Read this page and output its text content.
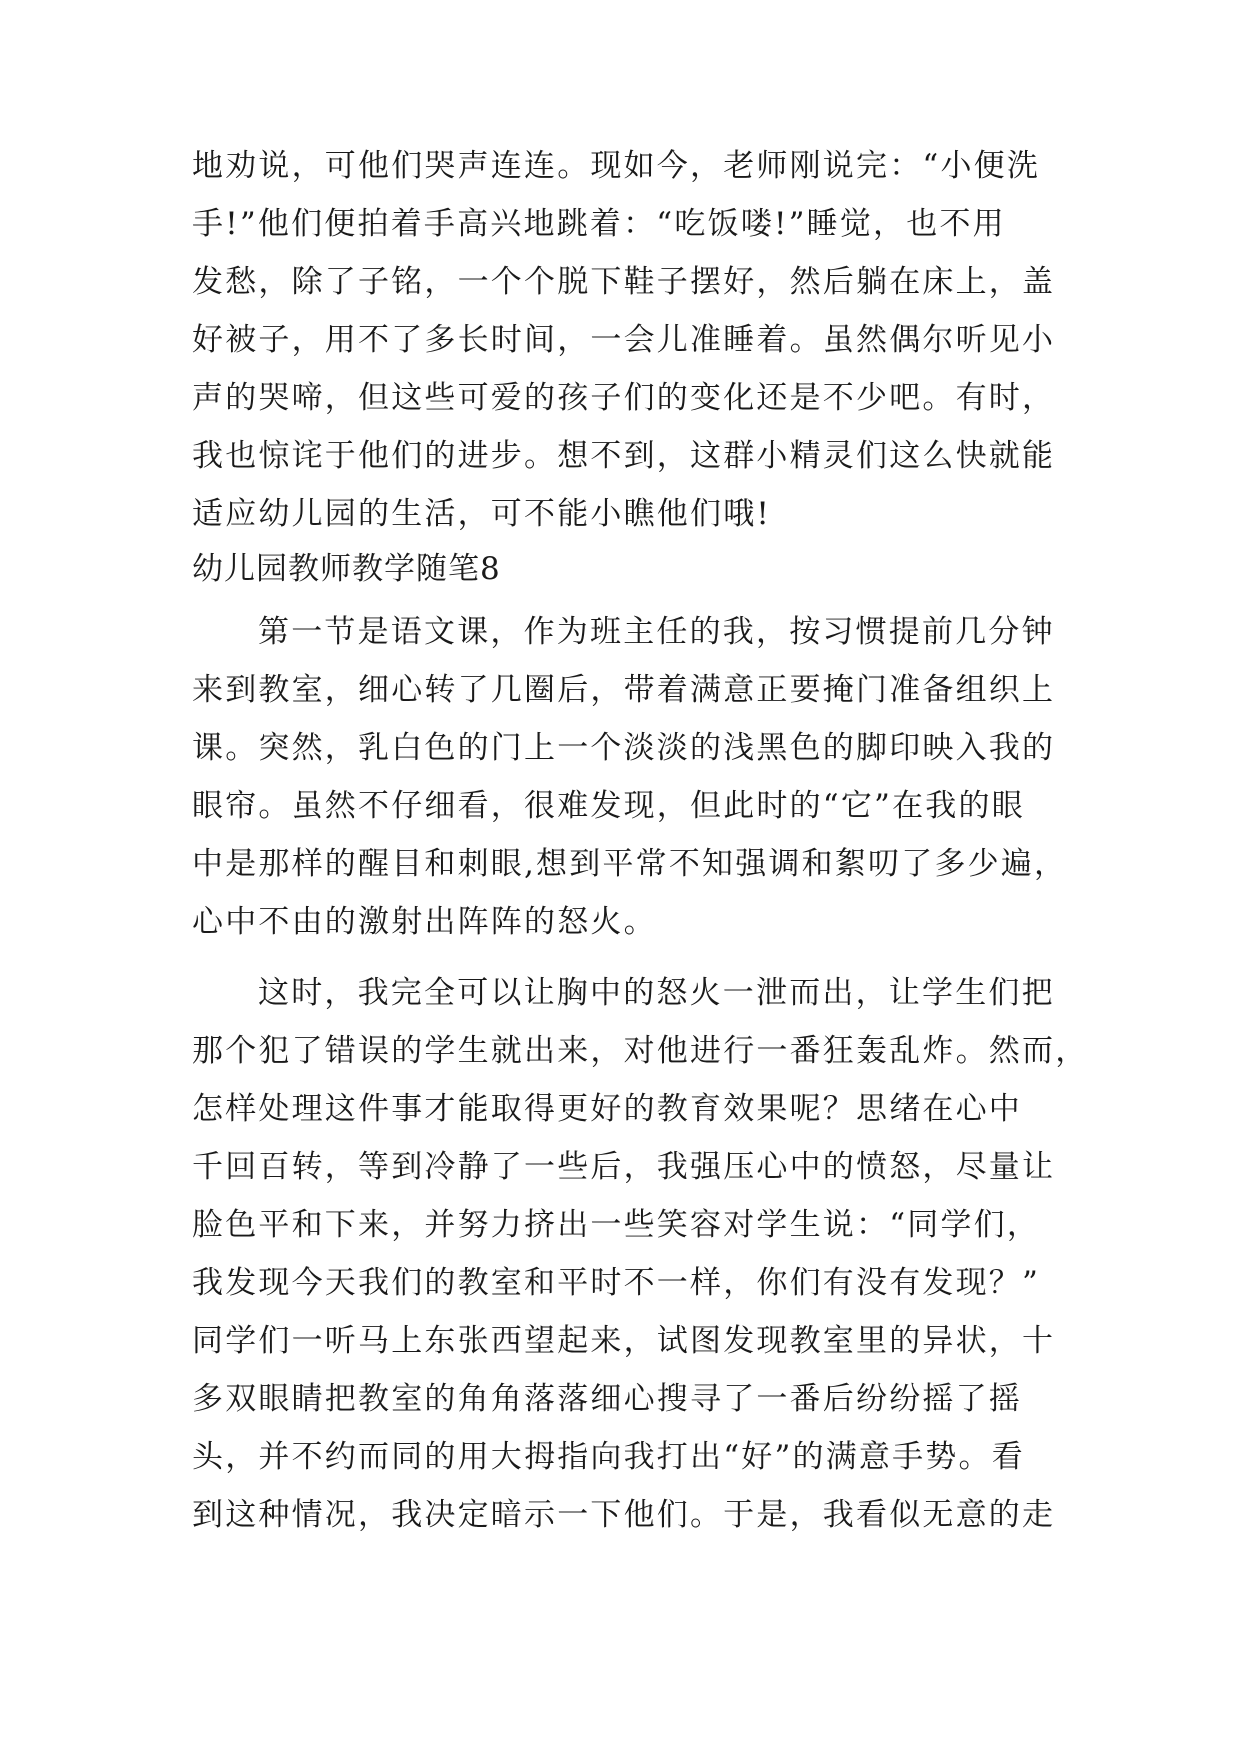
地劝说，可他们哭声连连。现如今，老师刚说完：“小便洗
手!”他们便拍着手高兴地跳着：“吃饭喽!”睡觉，也不用
发愁，除了子铭，一个个脱下鞋子摆好，然后躺在床上，盖
好被子，用不了多长时间，一会儿准睡着。虽然偶尔听见小
声的哭啼，但这些可爱的孩子们的变化还是不少吧。有时，
我也惊诧于他们的进步。想不到，这群小精灵们这么快就能
适应幼儿园的生活，可不能小瞧他们哦!
幼儿园教师教学随笔8
第一节是语文课，作为班主任的我，按习惯提前几分钟
来到教室，细心转了几圈后，带着满意正要掩门准备组织上
课。突然，乳白色的门上一个淡淡的浅黑色的脚印映入我的
眼帘。虽然不仔细看，很难发现，但此时的“它”在我的眼
中是那样的醒目和刺眼,想到平常不知强调和絮叨了多少遍，
心中不由的激射出阵阵的怒火。
这时，我完全可以让胸中的怒火一泄而出，让学生们把
那个犯了错误的学生就出来，对他进行一番狂轰乱炸。然而，
怎样处理这件事才能取得更好的教育效果呢？思绪在心中
千回百转，等到冷静了一些后，我强压心中的愤怒，尽量让
脸色平和下来，并努力挤出一些笑容对学生说：“同学们，
我发现今天我们的教室和平时不一样，你们有没有发现？”
同学们一听马上东张西望起来，试图发现教室里的异状，十
多双眼睛把教室的角角落落细心搜寻了一番后纷纷摇了摇
头，并不约而同的用大拇指向我打出“好”的满意手势。看
到这种情况，我决定暗示一下他们。于是，我看似无意的走
